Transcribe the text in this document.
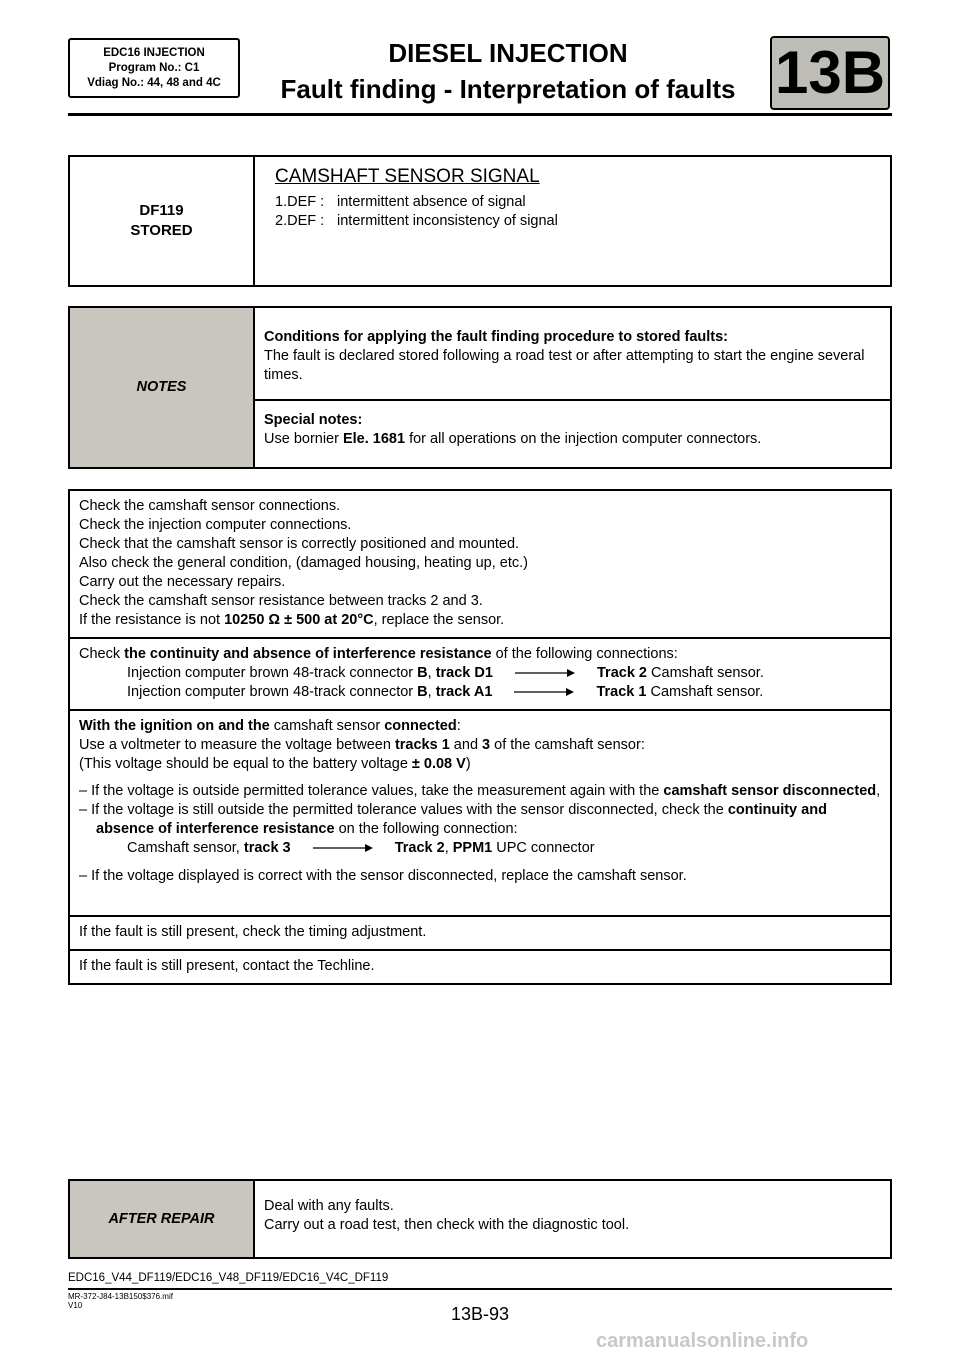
EDC16 INJECTION
Program No.: C1
Vdiag No.: 44, 48 and 4C
DIESEL INJECTION
Fault finding - Interpretation of faults 13B
DF119
STORED

CAMSHAFT SENSOR SIGNAL
1.DEF : intermittent absence of signal
2.DEF : intermittent inconsistency of signal
NOTES	
Conditions for applying the fault finding procedure to stored faults:
The fault is declared stored following a road test or after attempting to start the engine several times.

Special notes:
Use bornier Ele. 1681 for all operations on the injection computer connectors.
Check the camshaft sensor connections.
Check the injection computer connections.
Check that the camshaft sensor is correctly positioned and mounted.
Also check the general condition, (damaged housing, heating up, etc.)
Carry out the necessary repairs.
Check the camshaft sensor resistance between tracks 2 and 3.
If the resistance is not 10250 Ω ± 500 at 20°C, replace the sensor.

Check the continuity and absence of interference resistance of the following connections:
Injection computer brown 48-track connector B, track D1	Track 2 Camshaft sensor.
Injection computer brown 48-track connector B, track A1	Track 1 Camshaft sensor.

With the ignition on and the camshaft sensor connected:
Use a voltmeter to measure the voltage between tracks 1 and 3 of the camshaft sensor:
(This voltage should be equal to the battery voltage ± 0.08 V)
– If the voltage is outside permitted tolerance values, take the measurement again with the camshaft sensor disconnected,
– If the voltage is still outside the permitted tolerance values with the sensor disconnected, check the continuity and absence of interference resistance on the following connection:
Camshaft sensor, track 3	Track 2, PPM1 UPC connector
– If the voltage displayed is correct with the sensor disconnected, replace the camshaft sensor.

If the fault is still present, check the timing adjustment.
If the fault is still present, contact the Techline.
AFTER REPAIR	
Deal with any faults.
Carry out a road test, then check with the diagnostic tool.
EDC16_V44_DF119/EDC16_V48_DF119/EDC16_V4C_DF119
MR-372-J84-13B150$376.mif
V10	13B-93
carmanualsonline.info
